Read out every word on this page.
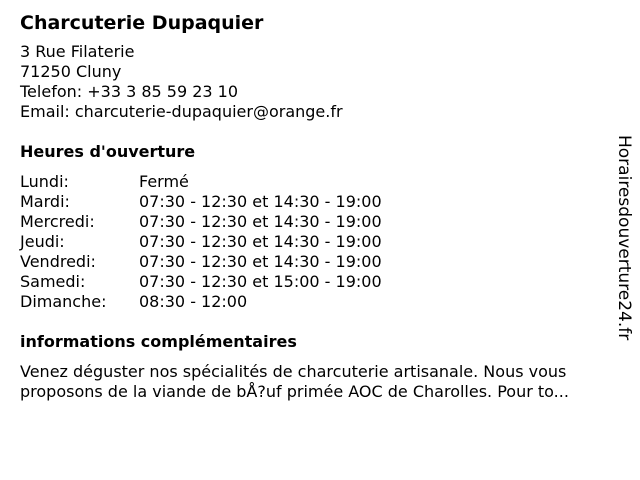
Charcuterie Dupaquier
3 Rue Filaterie
71250 Cluny
Telefon: +33 3 85 59 23 10
Email: charcuterie-dupaquier@orange.fr
Heures d'ouverture
Lundi:	Fermé
Mardi:	07:30 - 12:30 et 14:30 - 19:00
Mercredi:	07:30 - 12:30 et 14:30 - 19:00
Jeudi:	07:30 - 12:30 et 14:30 - 19:00
Vendredi:	07:30 - 12:30 et 14:30 - 19:00
Samedi:	07:30 - 12:30 et 15:00 - 19:00
Dimanche:	08:30 - 12:00
informations complémentaires
Venez déguster nos spécialités de charcuterie artisanale. Nous vous
proposons de la viande de bÅ?uf primée AOC de Charolles. Pour to...
Horairesdouverture24.fr
